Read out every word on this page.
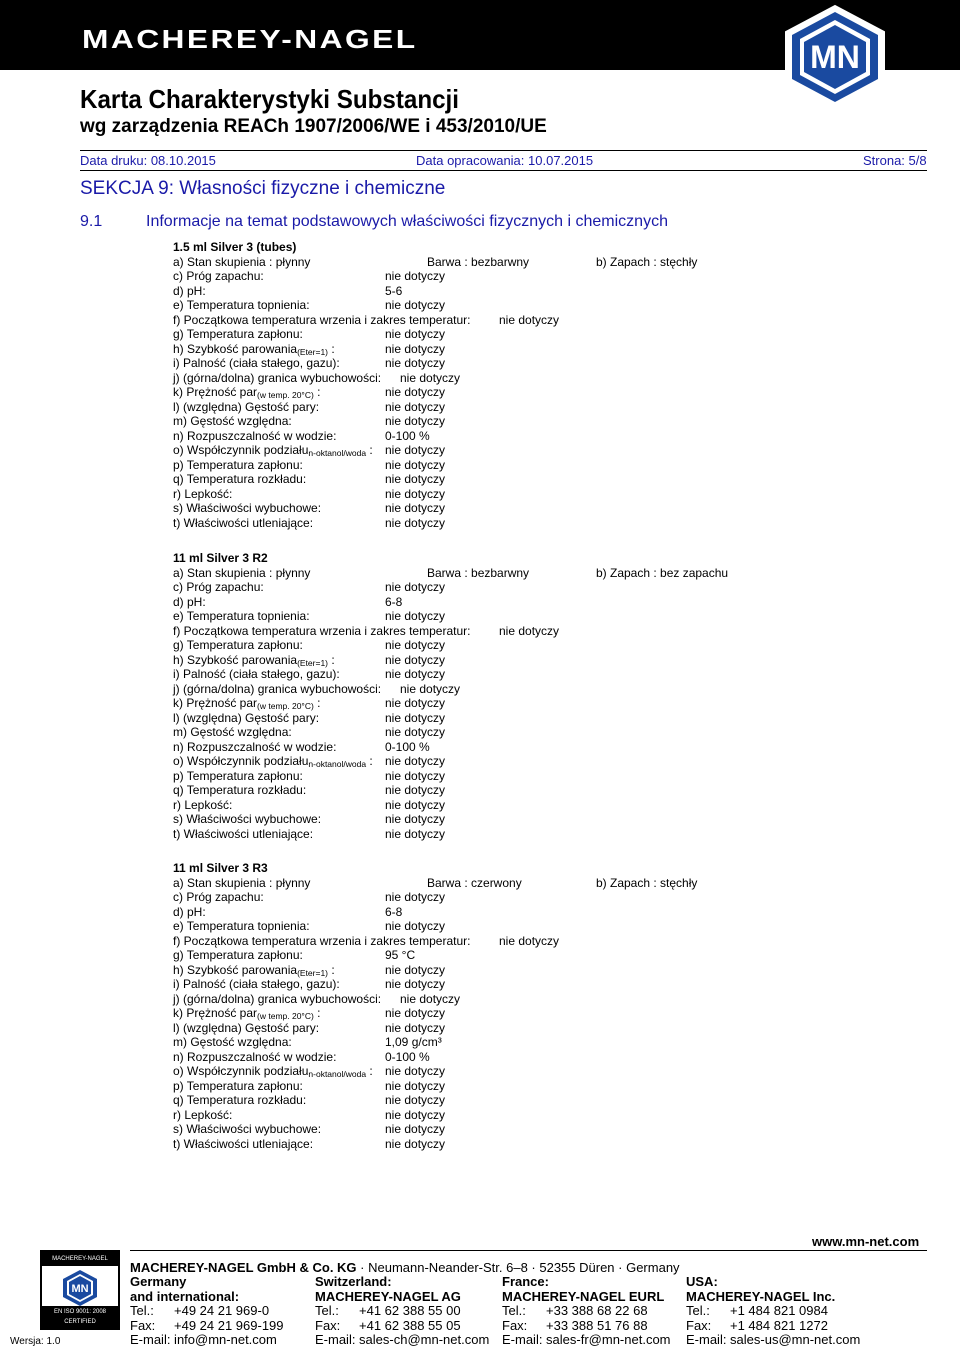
MACHEREY-NAGEL	MN
Karta Charakterystyki Substancji
wg zarządzenia REACh 1907/2006/WE i 453/2010/UE
Data druku: 08.10.2015	Data opracowania: 10.07.2015	Strona: 5/8
SEKCJA 9: Własności fizyczne i chemiczne
9.1	Informacje na temat podstawowych właściwości fizycznych i chemicznych
1.5 ml Silver 3 (tubes)
a) Stan skupienia : płynny	Barwa : bezbarwny	b) Zapach : stęchły
c) Próg zapachu:	nie dotyczy
d) pH:	5-6
e) Temperatura topnienia:	nie dotyczy
f) Początkowa temperatura wrzenia i zakres temperatur: nie dotyczy
g) Temperatura zapłonu:	nie dotyczy
h) Szybkość parowania(Eter=1) :	nie dotyczy
i) Palność (ciała stałego, gazu):	nie dotyczy
j) (górna/dolna) granica wybuchowości: nie dotyczy
k) Prężność par(w temp. 20°C) :	nie dotyczy
l) (względna) Gęstość pary:	nie dotyczy
m) Gęstość względna:	nie dotyczy
n) Rozpuszczalność w wodzie:	0-100 %
o) Współczynnik podziałun-oktanol/woda : nie dotyczy
p) Temperatura zapłonu:	nie dotyczy
q) Temperatura rozkładu:	nie dotyczy
r) Lepkość:	nie dotyczy
s) Właściwości wybuchowe:	nie dotyczy
t) Właściwości utleniające:	nie dotyczy
11 ml Silver 3 R2
a) Stan skupienia : płynny	Barwa : bezbarwny	b) Zapach : bez zapachu
c) Próg zapachu:	nie dotyczy
d) pH:	6-8
e) Temperatura topnienia:	nie dotyczy
f) Początkowa temperatura wrzenia i zakres temperatur: nie dotyczy
g) Temperatura zapłonu:	nie dotyczy
h) Szybkość parowania(Eter=1) :	nie dotyczy
i) Palność (ciała stałego, gazu):	nie dotyczy
j) (górna/dolna) granica wybuchowości: nie dotyczy
k) Prężność par(w temp. 20°C) :	nie dotyczy
l) (względna) Gęstość pary:	nie dotyczy
m) Gęstość względna:	nie dotyczy
n) Rozpuszczalność w wodzie:	0-100 %
o) Współczynnik podziałun-oktanol/woda : nie dotyczy
p) Temperatura zapłonu:	nie dotyczy
q) Temperatura rozkładu:	nie dotyczy
r) Lepkość:	nie dotyczy
s) Właściwości wybuchowe:	nie dotyczy
t) Właściwości utleniające:	nie dotyczy
11 ml Silver 3 R3
a) Stan skupienia : płynny	Barwa : czerwony	b) Zapach : stęchły
c) Próg zapachu:	nie dotyczy
d) pH:	6-8
e) Temperatura topnienia:	nie dotyczy
f) Początkowa temperatura wrzenia i zakres temperatur: nie dotyczy
g) Temperatura zapłonu:	95 °C
h) Szybkość parowania(Eter=1) :	nie dotyczy
i) Palność (ciała stałego, gazu):	nie dotyczy
j) (górna/dolna) granica wybuchowości: nie dotyczy
k) Prężność par(w temp. 20°C) :	nie dotyczy
l) (względna) Gęstość pary:	nie dotyczy
m) Gęstość względna:	1,09 g/cm³
n) Rozpuszczalność w wodzie:	0-100 %
o) Współczynnik podziałun-oktanol/woda : nie dotyczy
p) Temperatura zapłonu:	nie dotyczy
q) Temperatura rozkładu:	nie dotyczy
r) Lepkość:	nie dotyczy
s) Właściwości wybuchowe:	nie dotyczy
t) Właściwości utleniające:	nie dotyczy
www.mn-net.com
MACHEREY-NAGEL
MN
EN ISO 9001: 2008
CERTIFIED
Wersja: 1.0
MACHEREY-NAGEL GmbH & Co. KG · Neumann-Neander-Str. 6–8 · 52355 Düren · Germany
Germany
and international:
Tel.: +49 24 21 969-0
Fax: +49 24 21 969-199
E-mail: info@mn-net.com
Switzerland:
MACHEREY-NAGEL AG
Tel.: +41 62 388 55 00
Fax: +41 62 388 55 05
E-mail: sales-ch@mn-net.com
France:
MACHEREY-NAGEL EURL
Tel.: +33 388 68 22 68
Fax: +33 388 51 76 88
E-mail: sales-fr@mn-net.com
USA:
MACHEREY-NAGEL Inc.
Tel.: +1 484 821 0984
Fax: +1 484 821 1272
E-mail: sales-us@mn-net.com
